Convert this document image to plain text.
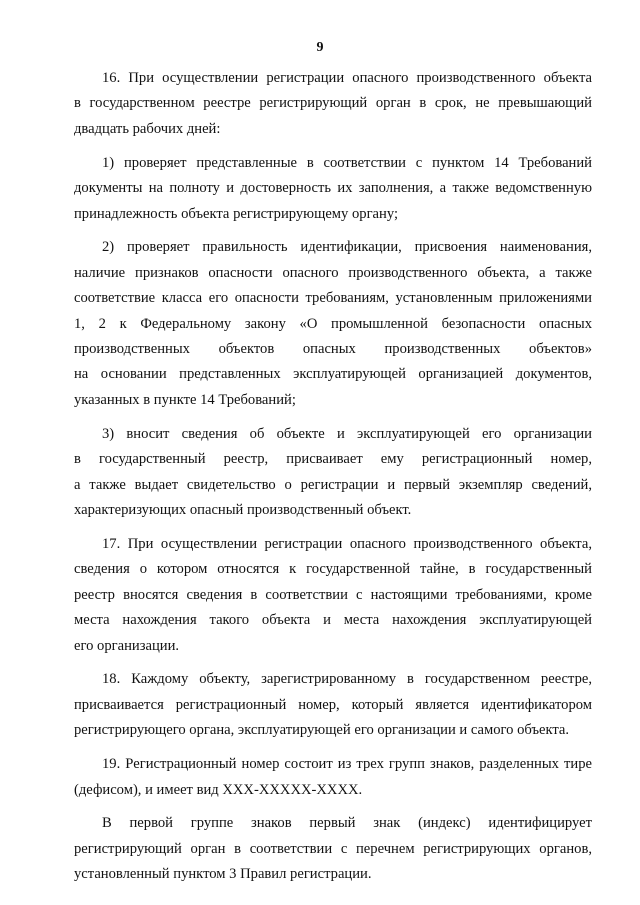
9
16. При осуществлении регистрации опасного производственного объекта
в государственном реестре регистрирующий орган в срок, не превышающий
двадцать рабочих дней:
1) проверяет представленные в соответствии с пунктом 14 Требований
документы на полноту и достоверность их заполнения, а также ведомственную
принадлежность объекта регистрирующему органу;
2) проверяет правильность идентификации, присвоения наименования,
наличие признаков опасности опасного производственного объекта, а также
соответствие класса его опасности требованиям, установленным приложениями
1, 2 к Федеральному закону «О промышленной безопасности опасных
производственных объектов опасных производственных объектов»
на основании представленных эксплуатирующей организацией документов,
указанных в пункте 14 Требований;
3) вносит сведения об объекте и эксплуатирующей его организации
в государственный реестр, присваивает ему регистрационный номер,
а также выдает свидетельство о регистрации и первый экземпляр сведений,
характеризующих опасный производственный объект.
17. При осуществлении регистрации опасного производственного объекта,
сведения о котором относятся к государственной тайне, в государственный
реестр вносятся сведения в соответствии с настоящими требованиями, кроме
места нахождения такого объекта и места нахождения эксплуатирующей
его организации.
18. Каждому объекту, зарегистрированному в государственном реестре,
присваивается регистрационный номер, который является идентификатором
регистрирующего органа, эксплуатирующей его организации и самого объекта.
19. Регистрационный номер состоит из трех групп знаков, разделенных тире
(дефисом), и имеет вид ХХХ-ХХХХХ-ХХХХ.
В первой группе знаков первый знак (индекс) идентифицирует
регистрирующий орган в соответствии с перечнем регистрирующих органов,
установленный пунктом 3 Правил регистрации.
